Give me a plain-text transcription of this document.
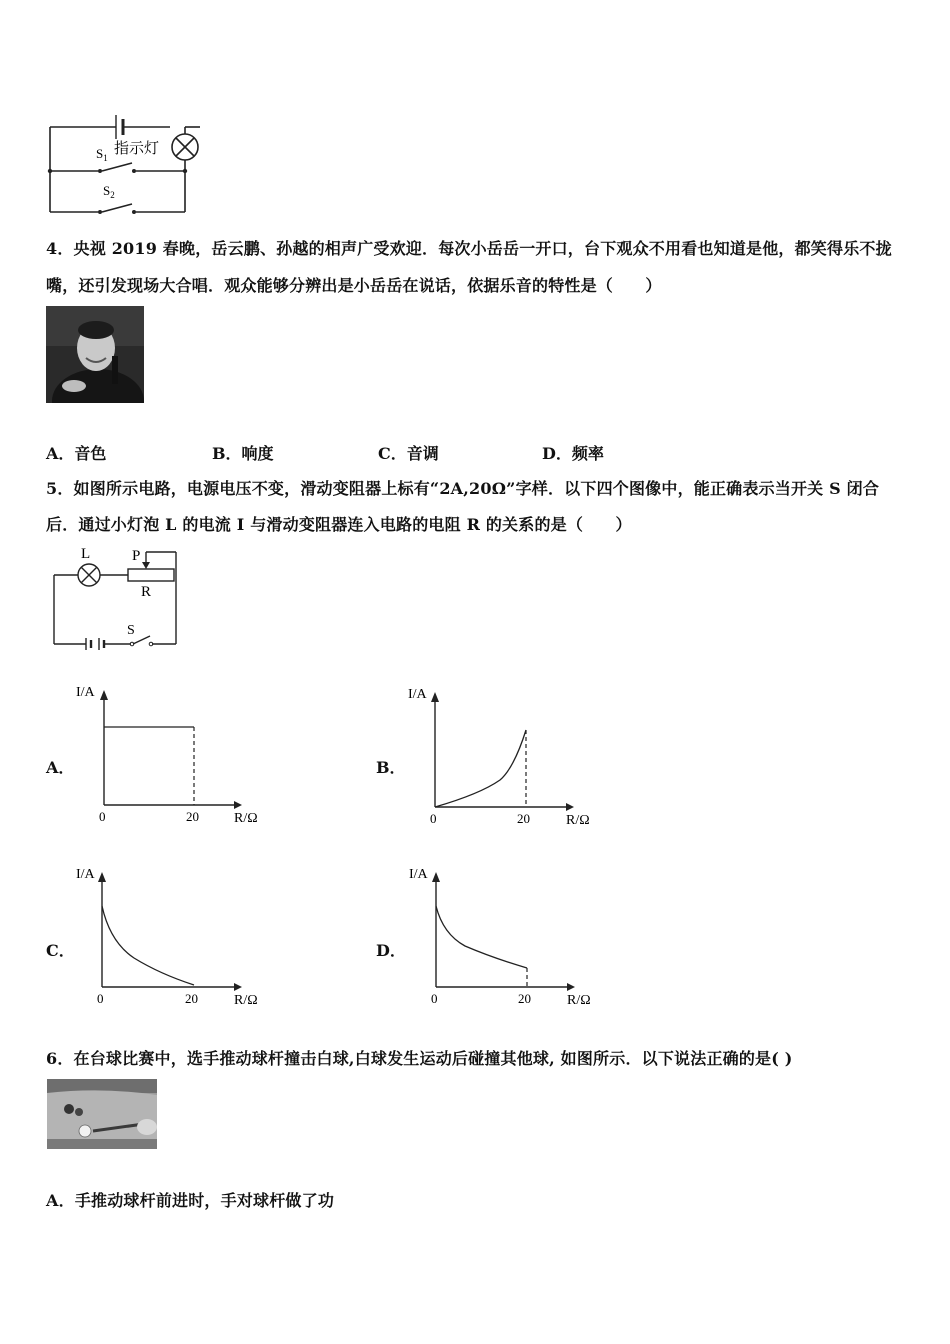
$S_1$
指示灯
$S_2$
4．央视 2019 春晚，岳云鹏、孙越的相声广受欢迎．每次小岳岳一开口，台下观众不用看也知道是他，都笑得乐不拢
嘴，还引发现场大合唱．观众能够分辨出是小岳岳在说话，依据乐音的特性是（　　）
A．音色	B．响度	C．音调	D．频率
5．如图所示电路，电源电压不变，滑动变阻器上标有“2A,20Ω”字样．以下四个图像中，能正确表示当开关 S 闭合
后．通过小灯泡 L 的电流 I 与滑动变阻器连入电路的电阻 R 的关系的是（　　）
L	P
R
S
A．
I/A
0	20	R/Ω
B．
I/A
0	20	R/Ω
C．
I/A
0	20	R/Ω
D．
I/A
0	20	R/Ω
6．在台球比赛中，选手推动球杆撞击白球,白球发生运动后碰撞其他球, 如图所示．以下说法正确的是( )
A．手推动球杆前进时，手对球杆做了功
